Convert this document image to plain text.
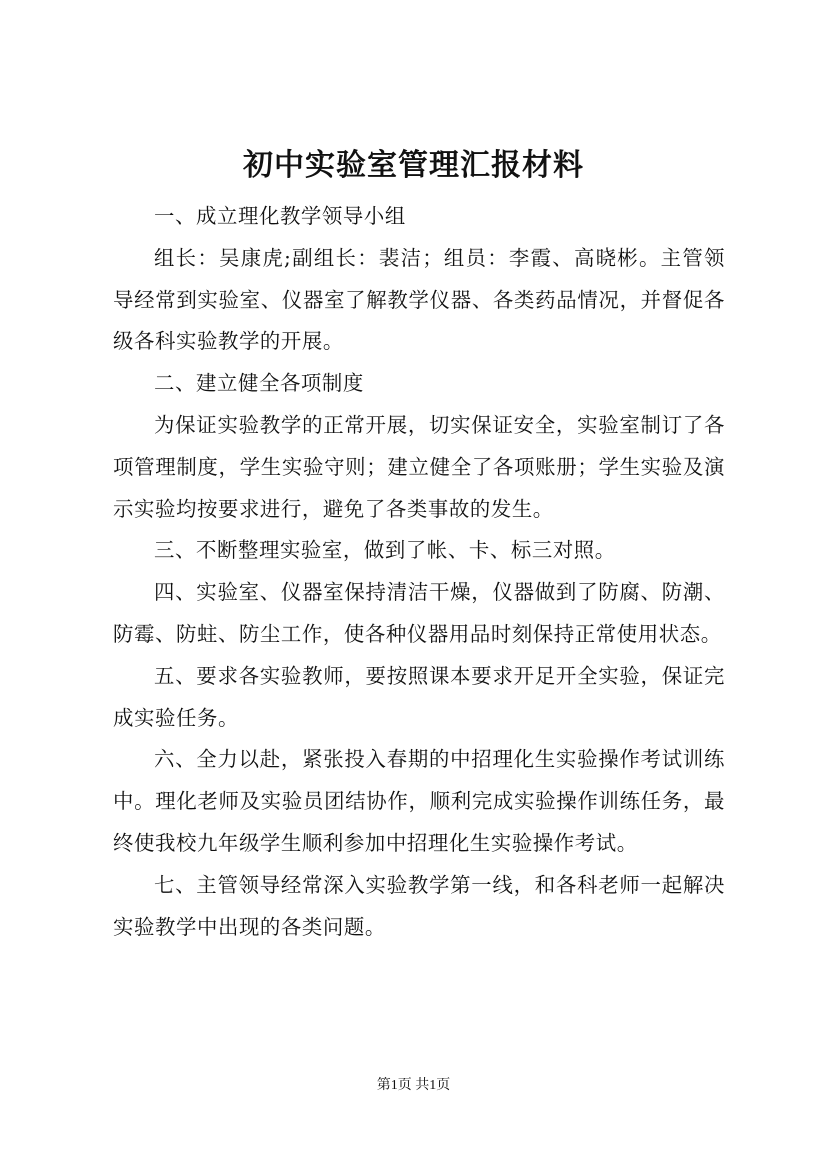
初中实验室管理汇报材料

一、成立理化教学领导小组

组长：吴康虎;副组长：裴洁；组员：李霞、高晓彬。主管领导经常到实验室、仪器室了解教学仪器、各类药品情况，并督促各级各科实验教学的开展。

二、建立健全各项制度

为保证实验教学的正常开展，切实保证安全，实验室制订了各项管理制度，学生实验守则；建立健全了各项账册；学生实验及演示实验均按要求进行，避免了各类事故的发生。

三、不断整理实验室，做到了帐、卡、标三对照。

四、实验室、仪器室保持清洁干燥，仪器做到了防腐、防潮、防霉、防蛀、防尘工作，使各种仪器用品时刻保持正常使用状态。

五、要求各实验教师，要按照课本要求开足开全实验，保证完成实验任务。

六、全力以赴，紧张投入春期的中招理化生实验操作考试训练中。理化老师及实验员团结协作，顺利完成实验操作训练任务，最终使我校九年级学生顺利参加中招理化生实验操作考试。

七、主管领导经常深入实验教学第一线，和各科老师一起解决实验教学中出现的各类问题。

第1页 共1页
